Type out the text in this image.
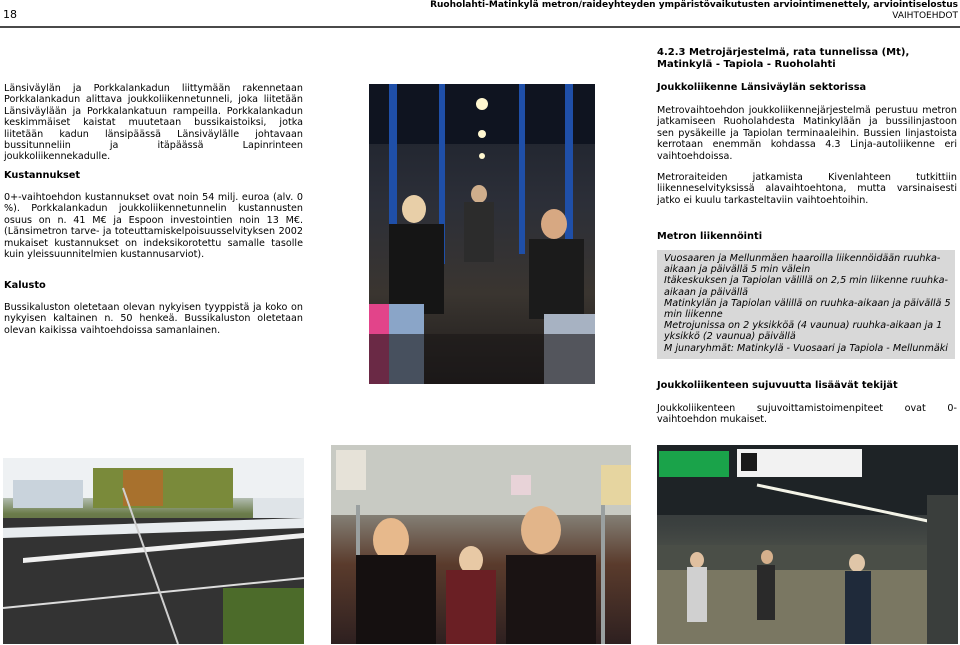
18
Ruoholahti-Matinkylä metron/raideyhteyden ympäristövaikutusten arviointimenettely, arviointiselostus
VAIHTOEHDOT
Länsiväylän ja Porkkalankadun liittymään rakennetaan Porkkalankadun alittava joukkoliikennetunneli, joka liitetään Länsiväylään ja Porkkalankatuun rampeilla. Porkkalankadun keskimmäiset kaistat muutetaan bussikaistoiksi, jotka liitetään kadun länsipäässä Länsiväylälle johtavaan bussitunneliin ja itäpäässä Lapinrinteen joukkoliikennekadulle.
Kustannukset
0+-vaihtoehdon kustannukset ovat noin 54 milj. euroa (alv. 0 %). Porkkalankadun joukkoliikennetunnelin kustannusten osuus on n. 41 M€ ja Espoon investointien noin 13 M€. (Länsimetron tarve- ja toteuttamiskelpoisuusselvityksen 2002 mukaiset kustannukset on indeksikorotettu samalle tasolle kuin yleissuunnitelmien kustannusarviot).
Kalusto
Bussikaluston oletetaan olevan nykyisen tyyppistä ja koko on nykyisen kaltainen n. 50 henkeä. Bussikaluston oletetaan olevan kaikissa vaihtoehdoissa samanlainen.
4.2.3 Metrojärjestelmä, rata tunnelissa (Mt), Matinkylä - Tapiola - Ruoholahti
Joukkoliikenne Länsiväylän sektorissa
Metrovaihtoehdon joukkoliikennejärjestelmä perustuu metron jatkamiseen Ruoholahdesta Matinkylään ja bussilinjastoon sen pysäkeille ja Tapiolan terminaaleihin. Bussien linjastoista kerrotaan enemmän kohdassa 4.3 Linja-autoliikenne eri vaihtoehdoissa.
Metroraiteiden jatkamista Kivenlahteen tutkittiin liikenneselvityksissä alavaihtoehtona, mutta varsinaisesti jatko ei kuulu tarkasteltaviin vaihtoehtoihin.
Metron liikennöinti
Vuosaaren ja Mellunmäen haaroilla liikennöidään ruuhka-aikaan ja päivällä 5 min välein
Itäkeskuksen ja Tapiolan välillä on 2,5 min liikenne ruuhka-aikaan ja päivällä
Matinkylän ja Tapiolan välillä on ruuhka-aikaan ja päivällä 5 min liikenne
Metrojunissa on 2 yksikköä (4 vaunua) ruuhka-aikaan ja 1 yksikkö (2 vaunua) päivällä
M junaryhmät: Matinkylä - Vuosaari ja Tapiola - Mellunmäki
Joukkoliikenteen sujuvuutta lisäävät tekijät
Joukkoliikenteen sujuvoittamistoimenpiteet ovat 0-vaihtoehdon mukaiset.
